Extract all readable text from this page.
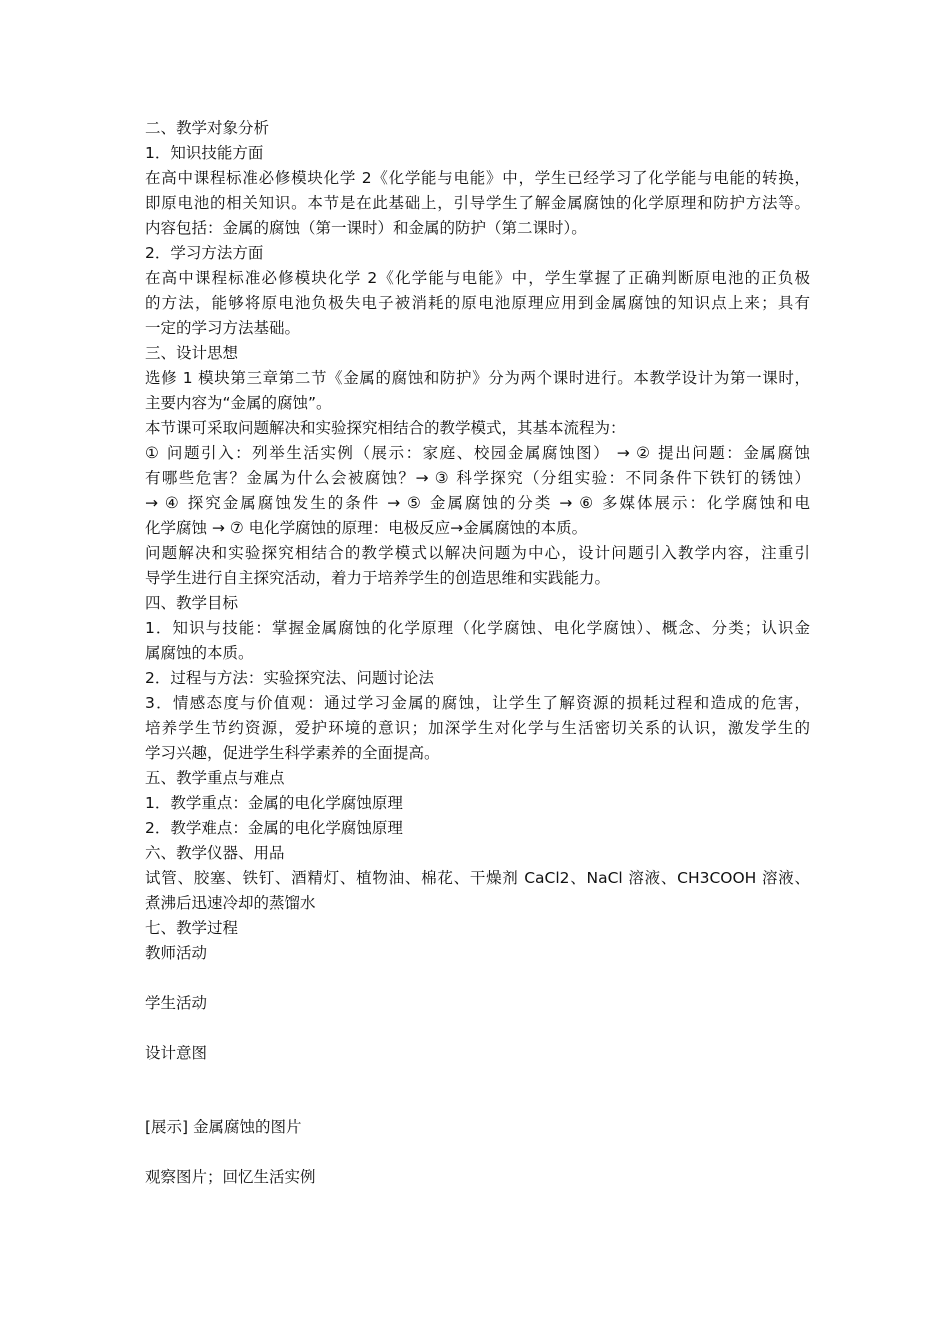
二、教学对象分析
1．知识技能方面
在高中课程标准必修模块化学 2《化学能与电能》中，学生已经学习了化学能与电能的转换，
即原电池的相关知识。本节是在此基础上，引导学生了解金属腐蚀的化学原理和防护方法等。
内容包括：金属的腐蚀（第一课时）和金属的防护（第二课时）。
2．学习方法方面
在高中课程标准必修模块化学 2《化学能与电能》中，学生掌握了正确判断原电池的正负极
的方法，能够将原电池负极失电子被消耗的原电池原理应用到金属腐蚀的知识点上来；具有
一定的学习方法基础。
三、设计思想
选修 1 模块第三章第二节《金属的腐蚀和防护》分为两个课时进行。本教学设计为第一课时，
主要内容为“金属的腐蚀”。
本节课可采取问题解决和实验探究相结合的教学模式，其基本流程为：
① 问题引入：列举生活实例（展示：家庭、校园金属腐蚀图） → ② 提出问题：金属腐蚀
有哪些危害？金属为什么会被腐蚀？→ ③ 科学探究（分组实验：不同条件下铁钉的锈蚀）
→ ④ 探究金属腐蚀发生的条件 → ⑤ 金属腐蚀的分类 → ⑥ 多媒体展示：化学腐蚀和电
化学腐蚀 → ⑦ 电化学腐蚀的原理：电极反应→金属腐蚀的本质。
问题解决和实验探究相结合的教学模式以解决问题为中心，设计问题引入教学内容，注重引
导学生进行自主探究活动，着力于培养学生的创造思维和实践能力。
四、教学目标
1．知识与技能：掌握金属腐蚀的化学原理（化学腐蚀、电化学腐蚀）、概念、分类；认识金
属腐蚀的本质。
2．过程与方法：实验探究法、问题讨论法
3．情感态度与价值观：通过学习金属的腐蚀，让学生了解资源的损耗过程和造成的危害，
培养学生节约资源，爱护环境的意识；加深学生对化学与生活密切关系的认识，激发学生的
学习兴趣，促进学生科学素养的全面提高。
五、教学重点与难点
1．教学重点：金属的电化学腐蚀原理
2．教学难点：金属的电化学腐蚀原理
六、教学仪器、用品
试管、胶塞、铁钉、酒精灯、植物油、棉花、干燥剂 CaCl2、NaCl 溶液、CH3COOH 溶液、
煮沸后迅速冷却的蒸馏水
七、教学过程
教师活动
学生活动
设计意图
[展示] 金属腐蚀的图片
观察图片；回忆生活实例
